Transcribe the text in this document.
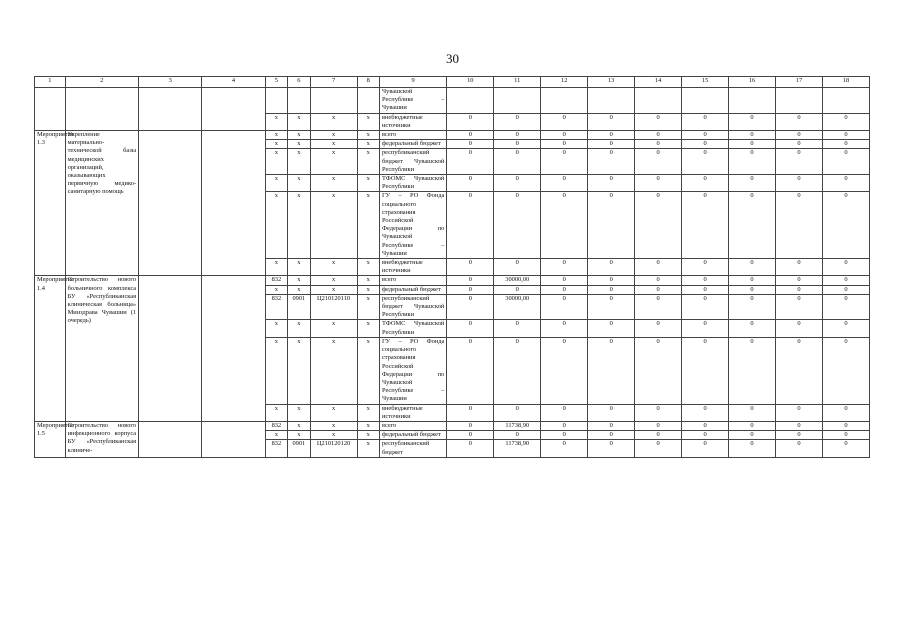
30
1	2	3	4	5	6	7	8	9	10	11	12	13	14	15	16	17	18
								Чувашской Республике – Чувашии									
				x	x	x	x	внебюджетные источники	0	0	0	0	0	0	0	0	0
Мероприятие 1.3	Укрепление материально-технической базы медицинских организаций, оказывающих первичную медико-санитарную помощь			x	x	x	x	всего	0	0	0	0	0	0	0	0	0
				x	x	x	x	федеральный бюджет	0	0	0	0	0	0	0	0	0
				x	x	x	x	республиканский бюджет Чувашской Республики	0	0	0	0	0	0	0	0	0
				x	x	x	x	ТФОМС Чувашской Республики	0	0	0	0	0	0	0	0	0
				x	x	x	x	ГУ – РО Фонда социального страхования Российской Федерации по Чувашской Республике – Чувашии	0	0	0	0	0	0	0	0	0
				x	x	x	x	внебюджетные источники	0	0	0	0	0	0	0	0	0
Мероприятие 1.4	Строительство нового больничного комплекса БУ «Республиканская клиническая больница» Минздрава Чувашии (1 очередь)			832	x	x	x	всего	0	30000,00	0	0	0	0	0	0	0
				x	x	x	x	федеральный бюджет	0	0	0	0	0	0	0	0	0
				832	0901	Ц210120110	x	республиканский бюджет Чувашской Республики	0	30000,00	0	0	0	0	0	0	0
				x	x	x	x	ТФОМС Чувашской Республики	0	0	0	0	0	0	0	0	0
				x	x	x	x	ГУ – РО Фонда социального страхования Российской Федерации по Чувашской Республике – Чувашии	0	0	0	0	0	0	0	0	0
				x	x	x	x	внебюджетные источники	0	0	0	0	0	0	0	0	0
Мероприятие 1.5	Строительство нового инфекционного корпуса БУ «Республиканская клиниче-			832	x	x	x	всего	0	11738,90	0	0	0	0	0	0	0
				x	x	x	x	федеральный бюджет	0	0	0	0	0	0	0	0	0
				832	0901	Ц210120120	x	республиканский бюджет	0	11738,90	0	0	0	0	0	0	0
